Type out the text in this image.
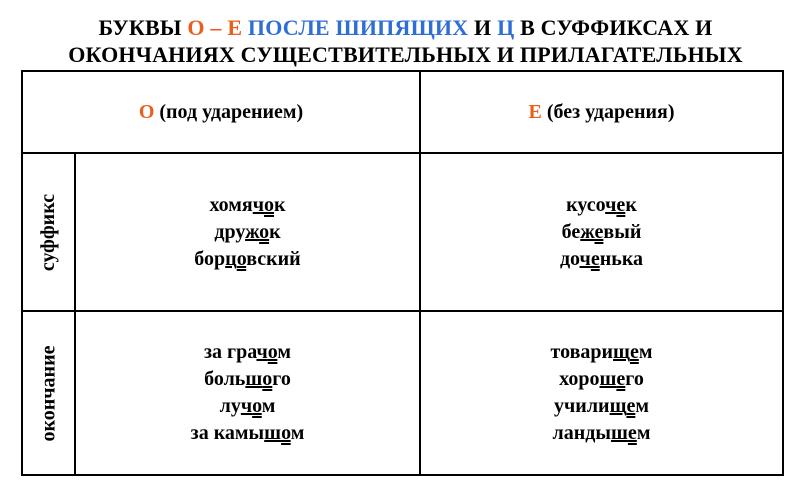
БУКВЫ О – Е ПОСЛЕ ШИПЯЩИХ И Ц В СУФФИКСАХ И
ОКОНЧАНИЯХ СУЩЕСТВИТЕЛЬНЫХ И ПРИЛАГАТЕЛЬНЫХ
О (под ударением)	Е (без ударения)
суффикс
окончание
хомячок
дружок
борцовский
кусочек
бежевый
доченька
за грачом
большого
лучом
за камышом
товарищем
хорошего
училищем
ландышем
